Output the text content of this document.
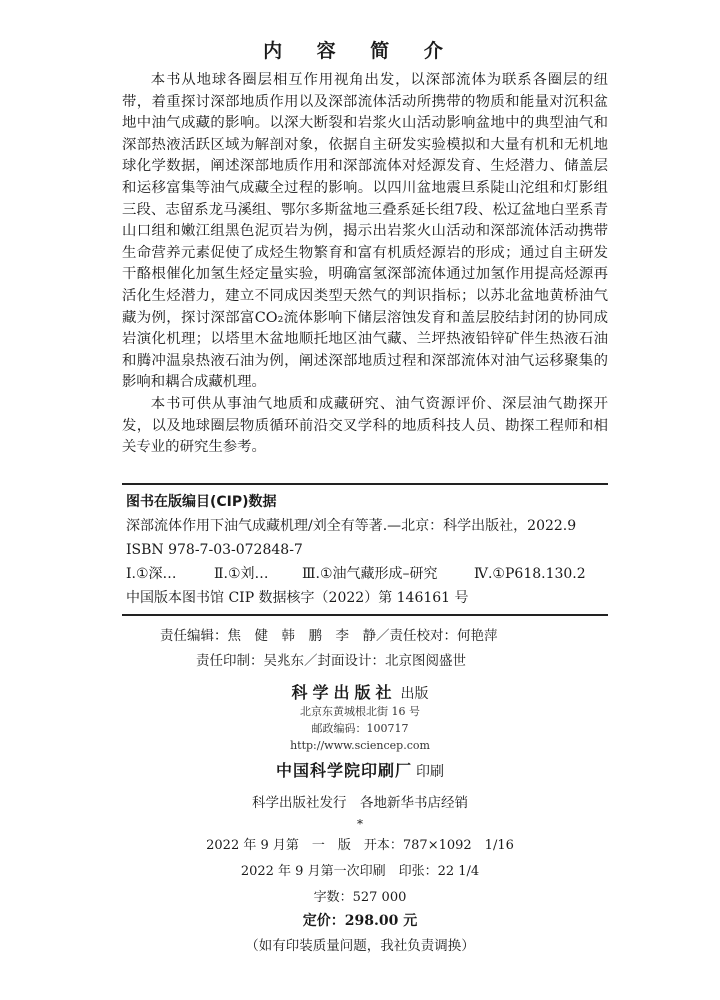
内 容 简 介

本书从地球各圈层相互作用视角出发，以深部流体为联系各圈层的纽带，着重探讨深部地质作用以及深部流体活动所携带的物质和能量对沉积盆地中油气成藏的影响。以深大断裂和岩浆火山活动影响盆地中的典型油气和深部热液活跃区域为解剖对象，依据自主研发实验模拟和大量有机和无机地球化学数据，阐述深部地质作用和深部流体对烃源发育、生烃潜力、储盖层和运移富集等油气成藏全过程的影响。以四川盆地震旦系陡山沱组和灯影组三段、志留系龙马溪组、鄂尔多斯盆地三叠系延长组7段、松辽盆地白垩系青山口组和嫩江组黑色泥页岩为例，揭示出岩浆火山活动和深部流体活动携带生命营养元素促使了成烃生物繁育和富有机质烃源岩的形成；通过自主研发干酪根催化加氢生烃定量实验，明确富氢深部流体通过加氢作用提高烃源再活化生烃潜力，建立不同成因类型天然气的判识指标；以苏北盆地黄桥油气藏为例，探讨深部富CO₂流体影响下储层溶蚀发育和盖层胶结封闭的协同成岩演化机理；以塔里木盆地顺托地区油气藏、兰坪热液铅锌矿伴生热液石油和腾冲温泉热液石油为例，阐述深部地质过程和深部流体对油气运移聚集的影响和耦合成藏机理。

本书可供从事油气地质和成藏研究、油气资源评价、深层油气勘探开发，以及地球圈层物质循环前沿交叉学科的地质科技人员、勘探工程师和相关专业的研究生参考。

图书在版编目(CIP)数据
深部流体作用下油气成藏机理/刘全有等著.—北京：科学出版社，2022.9
ISBN 978-7-03-072848-7
Ⅰ.①深…	Ⅱ.①刘… Ⅲ.①油气藏形成–研究	Ⅳ.①P618.130.2
中国版本图书馆 CIP 数据核字（2022）第 146161 号
责任编辑：焦　健　韩　鹏　李　静／责任校对：何艳萍
责任印制：吴兆东／封面设计：北京图阅盛世
科学出版社 出版
北京东黄城根北街 16 号
邮政编码：100717
http://www.sciencep.com
中国科学院印刷厂 印刷
科学出版社发行　各地新华书店经销
*
2022 年 9 月第　一　版　开本：787×1092　1/16
2022 年 9 月第一次印刷　印张：22 1/4
字数：527 000
定价：298.00 元
（如有印装质量问题，我社负责调换）
